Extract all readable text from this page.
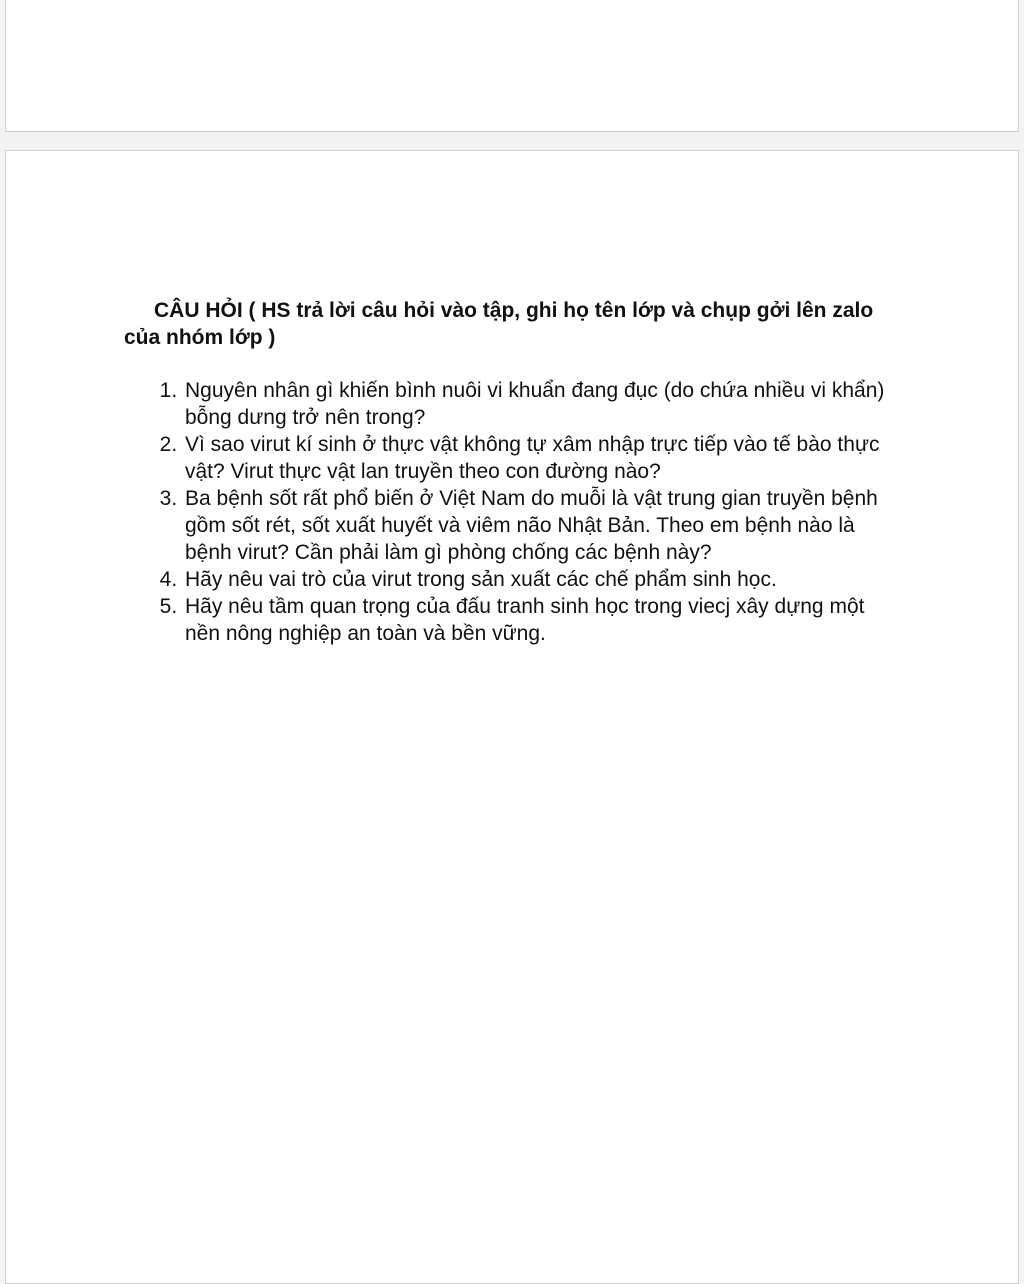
CÂU HỎI ( HS trả lời câu hỏi vào tập, ghi họ tên lớp và chụp gởi lên zalo của nhóm lớp )

1. Nguyên nhân gì khiến bình nuôi vi khuẩn đang đục (do chứa nhiều vi khẩn) bỗng dưng trở nên trong?
2. Vì sao virut kí sinh ở thực vật không tự xâm nhập trực tiếp vào tế bào thực vật? Virut thực vật lan truyền theo con đường nào?
3. Ba bệnh sốt rất phổ biến ở Việt Nam do muỗi là vật trung gian truyền bệnh gồm sốt rét, sốt xuất huyết và viêm não Nhật Bản. Theo em bệnh nào là bệnh virut? Cần phải làm gì phòng chống các bệnh này?
4. Hãy nêu vai trò của virut trong sản xuất các chế phẩm sinh học.
5. Hãy nêu tầm quan trọng của đấu tranh sinh học trong viecj xây dựng một nền nông nghiệp an toàn và bền vững.
